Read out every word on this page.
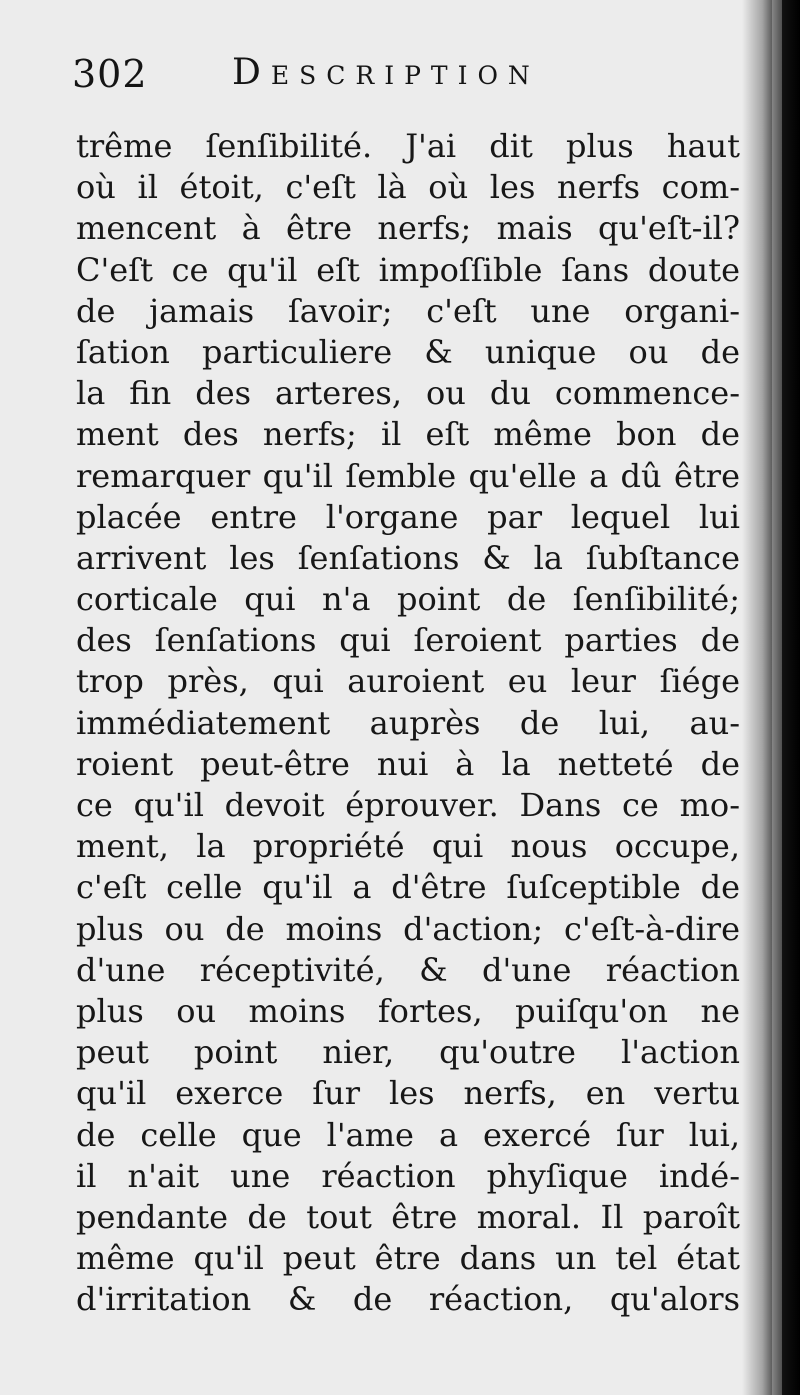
302 Description
trême ſenſibilité. J'ai dit plus haut
où il étoit, c'eſt là où les nerfs com-
mencent à être nerfs; mais qu'eſt-il?
C'eſt ce qu'il eſt impoſſible ſans doute
de jamais ſavoir; c'eſt une organi-
ſation particuliere & unique ou de
la fin des arteres, ou du commence-
ment des nerfs; il eſt même bon de
remarquer qu'il ſemble qu'elle a dû être
placée entre l'organe par lequel lui
arrivent les ſenſations & la ſubſtance
corticale qui n'a point de ſenſibilité;
des ſenſations qui ſeroient parties de
trop près, qui auroient eu leur ſiége
immédiatement auprès de lui, au-
roient peut-être nui à la netteté de
ce qu'il devoit éprouver. Dans ce mo-
ment, la propriété qui nous occupe,
c'eſt celle qu'il a d'être ſuſceptible de
plus ou de moins d'action; c'eſt-à-dire
d'une réceptivité, & d'une réaction
plus ou moins fortes, puiſqu'on ne
peut point nier, qu'outre l'action
qu'il exerce ſur les nerfs, en vertu
de celle que l'ame a exercé ſur lui,
il n'ait une réaction phyſique indé-
pendante de tout être moral. Il paroît
même qu'il peut être dans un tel état
d'irritation & de réaction, qu'alors
